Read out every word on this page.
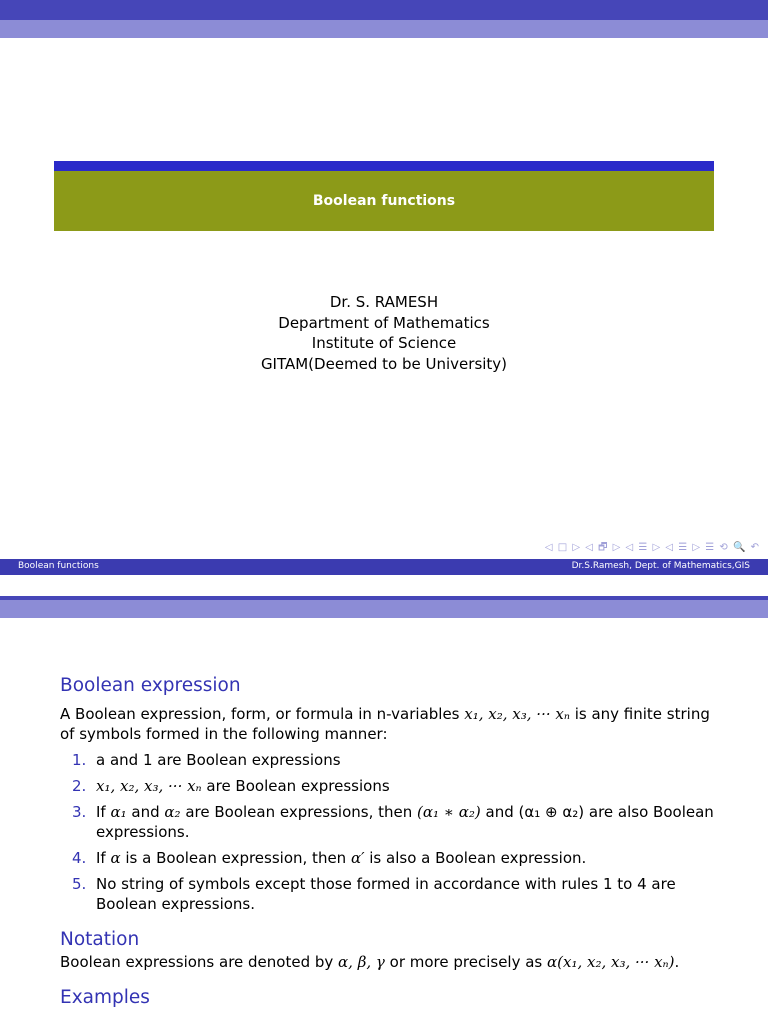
Boolean functions
Dr. S. RAMESH
Department of Mathematics
Institute of Science
GITAM(Deemed to be University)
◁ □ ▷ ◁ 🗗 ▷ ◁ ☰ ▷ ◁ ☰ ▷ ☰ ⟲ 🔍 ↶
Boolean functions	Dr.S.Ramesh, Dept. of Mathematics,GIS
Boolean expression
A Boolean expression, form, or formula in n-variables x₁, x₂, x₃, ··· xₙ is any finite string of symbols formed in the following manner:
1. a and 1 are Boolean expressions
2. x₁, x₂, x₃, ··· xₙ are Boolean expressions
3. If α₁ and α₂ are Boolean expressions, then (α₁ ∗ α₂) and (α₁ ⊕ α₂) are also Boolean expressions.
4. If α is a Boolean expression, then α′ is also a Boolean expression.
5. No string of symbols except those formed in accordance with rules 1 to 4 are Boolean expressions.
Notation
Boolean expressions are denoted by α, β, γ or more precisely as α(x₁, x₂, x₃, ··· xₙ).
Examples
